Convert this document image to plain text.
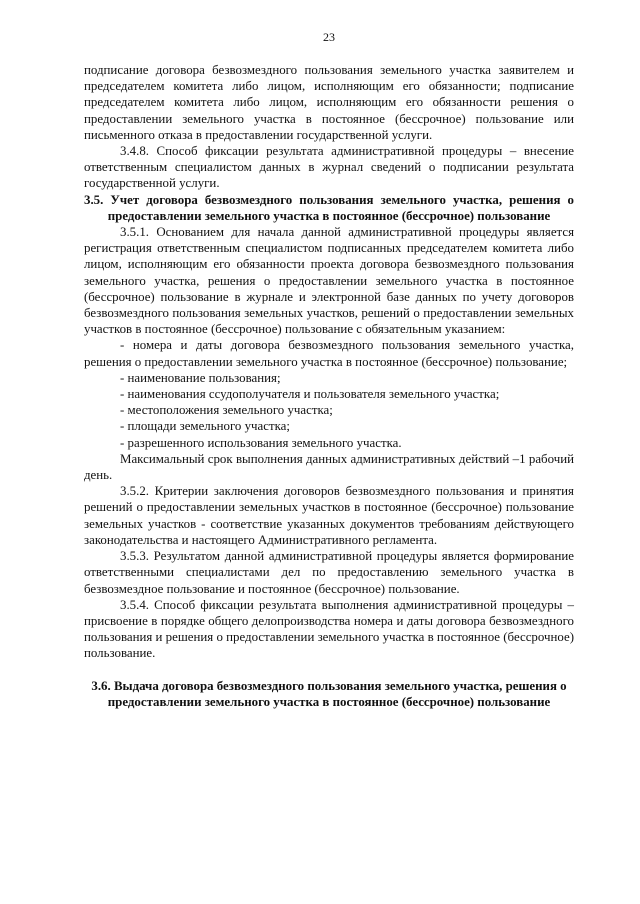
23

подписание договора безвозмездного пользования земельного участка заявителем и председателем комитета либо лицом, исполняющим его обязанности; подписание председателем комитета либо лицом, исполняющим его обязанности решения о предоставлении земельного участка в постоянное (бессрочное) пользование или письменного отказа в предоставлении государственной услуги.

3.4.8. Способ фиксации результата административной процедуры – внесение ответственным специалистом данных в журнал сведений о подписании результата государственной услуги.

3.5. Учет договора безвозмездного пользования земельного участка, решения о предоставлении земельного участка в постоянное (бессрочное) пользование

3.5.1. Основанием для начала данной административной процедуры является регистрация ответственным специалистом подписанных председателем комитета либо лицом, исполняющим его обязанности проекта договора безвозмездного пользования земельного участка, решения о предоставлении земельного участка в постоянное (бессрочное) пользование в журнале и электронной базе данных по учету договоров безвозмездного пользования земельных участков, решений о предоставлении земельных участков в постоянное (бессрочное) пользование с обязательным указанием:

- номера и даты договора безвозмездного пользования земельного участка, решения о предоставлении земельного участка в постоянное (бессрочное) пользование;

- наименование пользования;

- наименования ссудополучателя и пользователя земельного участка;

- местоположения земельного участка;

- площади земельного участка;

- разрешенного использования земельного участка.

Максимальный срок выполнения данных административных действий –1 рабочий день.

3.5.2. Критерии заключения договоров безвозмездного пользования и принятия решений о предоставлении земельных участков в постоянное (бессрочное) пользование земельных участков - соответствие указанных документов требованиям действующего законодательства и настоящего Административного регламента.

3.5.3. Результатом данной административной процедуры является формирование ответственными специалистами дел по предоставлению земельного участка в безвозмездное пользование и постоянное (бессрочное) пользование.

3.5.4. Способ фиксации результата выполнения административной процедуры – присвоение в порядке общего делопроизводства номера и даты договора безвозмездного пользования и решения о предоставлении земельного участка в постоянное (бессрочное) пользование.

3.6. Выдача договора безвозмездного пользования земельного участка, решения о предоставлении земельного участка в постоянное (бессрочное) пользование
